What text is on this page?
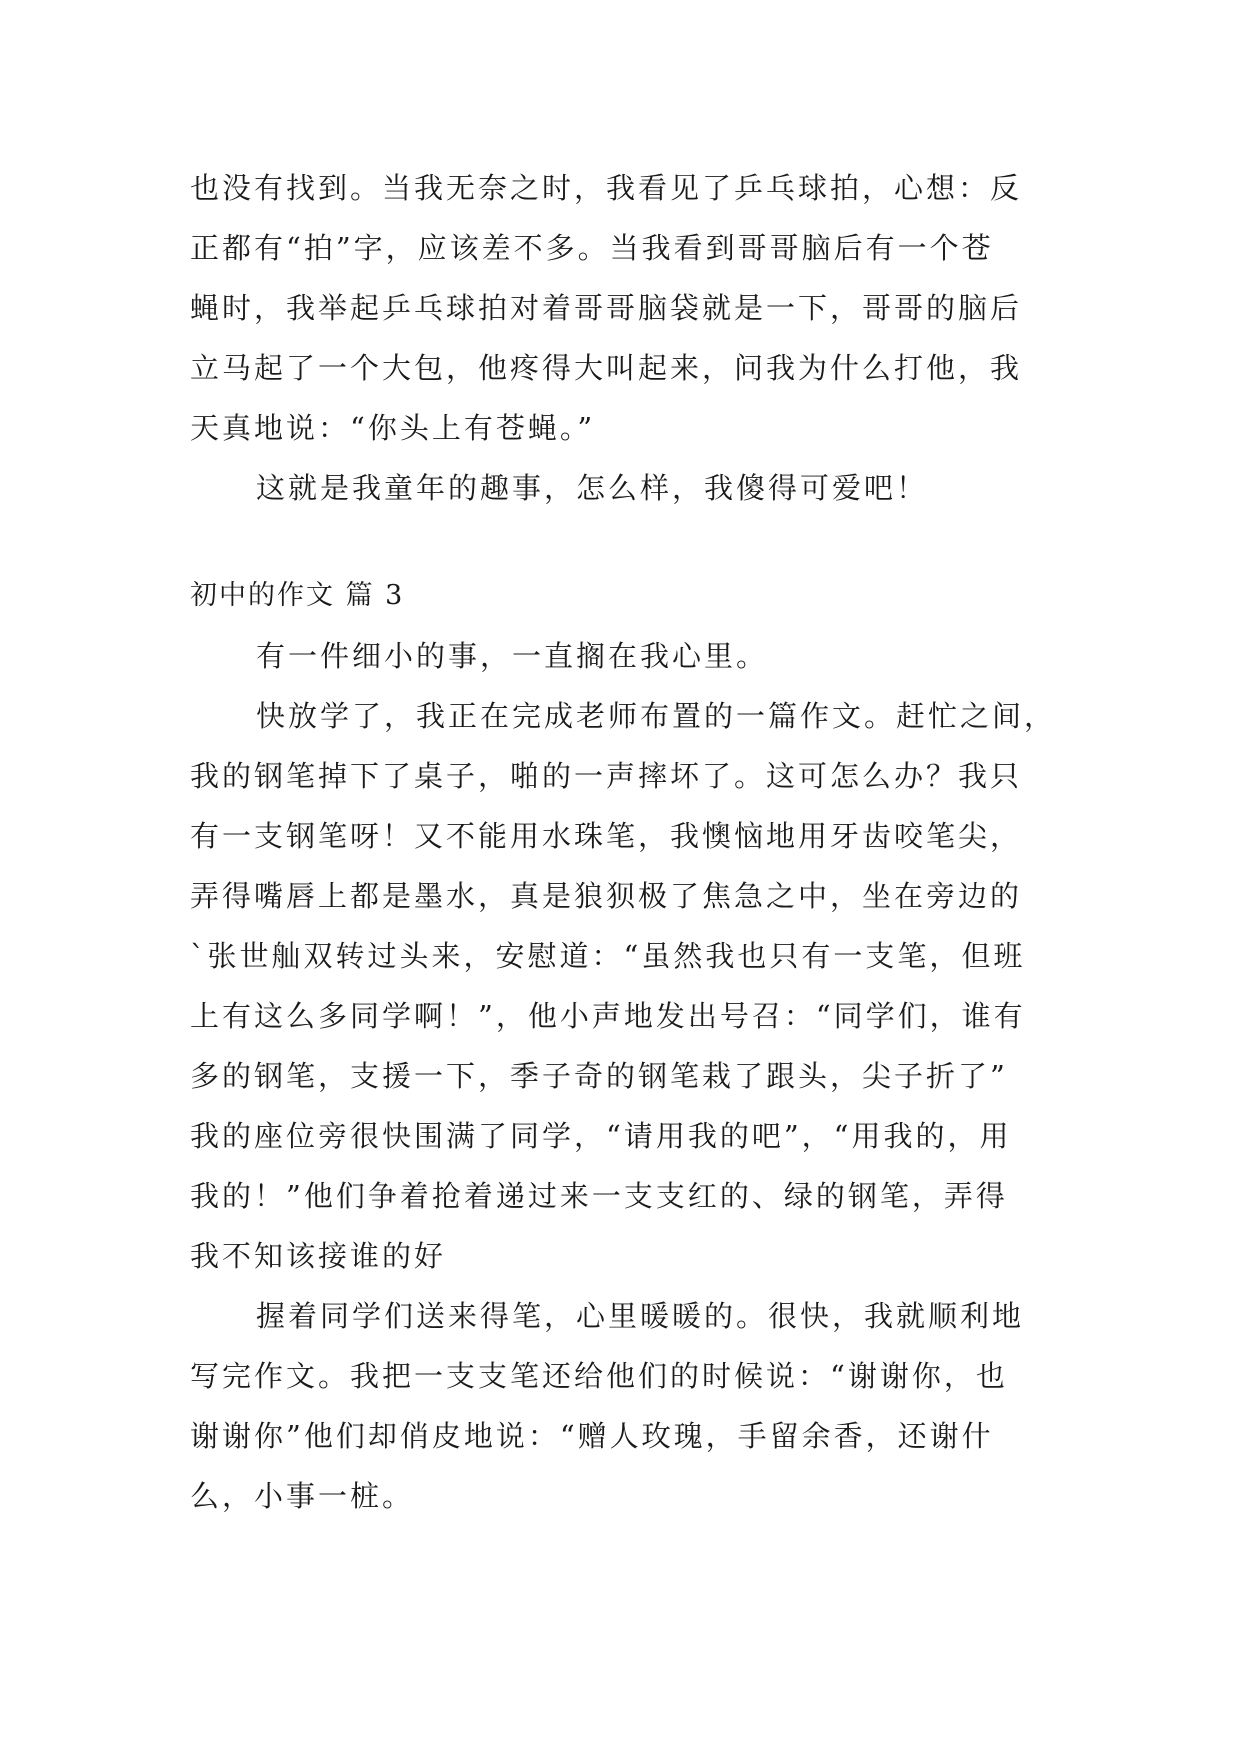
也没有找到。当我无奈之时，我看见了乒乓球拍，心想：反

正都有“拍”字，应该差不多。当我看到哥哥脑后有一个苍

蝇时，我举起乒乓球拍对着哥哥脑袋就是一下，哥哥的脑后

立马起了一个大包，他疼得大叫起来，问我为什么打他，我

天真地说：“你头上有苍蝇。”

这就是我童年的趣事，怎么样，我傻得可爱吧！

初中的作文 篇 3

有一件细小的事，一直搁在我心里。

快放学了，我正在完成老师布置的一篇作文。赶忙之间，

我的钢笔掉下了桌子，啪的一声摔坏了。这可怎么办？我只

有一支钢笔呀！又不能用水珠笔，我懊恼地用牙齿咬笔尖，

弄得嘴唇上都是墨水，真是狼狈极了焦急之中，坐在旁边的

`张世舢双转过头来，安慰道：“虽然我也只有一支笔，但班

上有这么多同学啊！”，他小声地发出号召：“同学们，谁有

多的钢笔，支援一下，季子奇的钢笔栽了跟头，尖子折了”

我的座位旁很快围满了同学，“请用我的吧”，“用我的，用

我的！”他们争着抢着递过来一支支红的、绿的钢笔，弄得

我不知该接谁的好

握着同学们送来得笔，心里暖暖的。很快，我就顺利地

写完作文。我把一支支笔还给他们的时候说：“谢谢你，也

谢谢你”他们却俏皮地说：“赠人玫瑰，手留余香，还谢什

么，小事一桩。
